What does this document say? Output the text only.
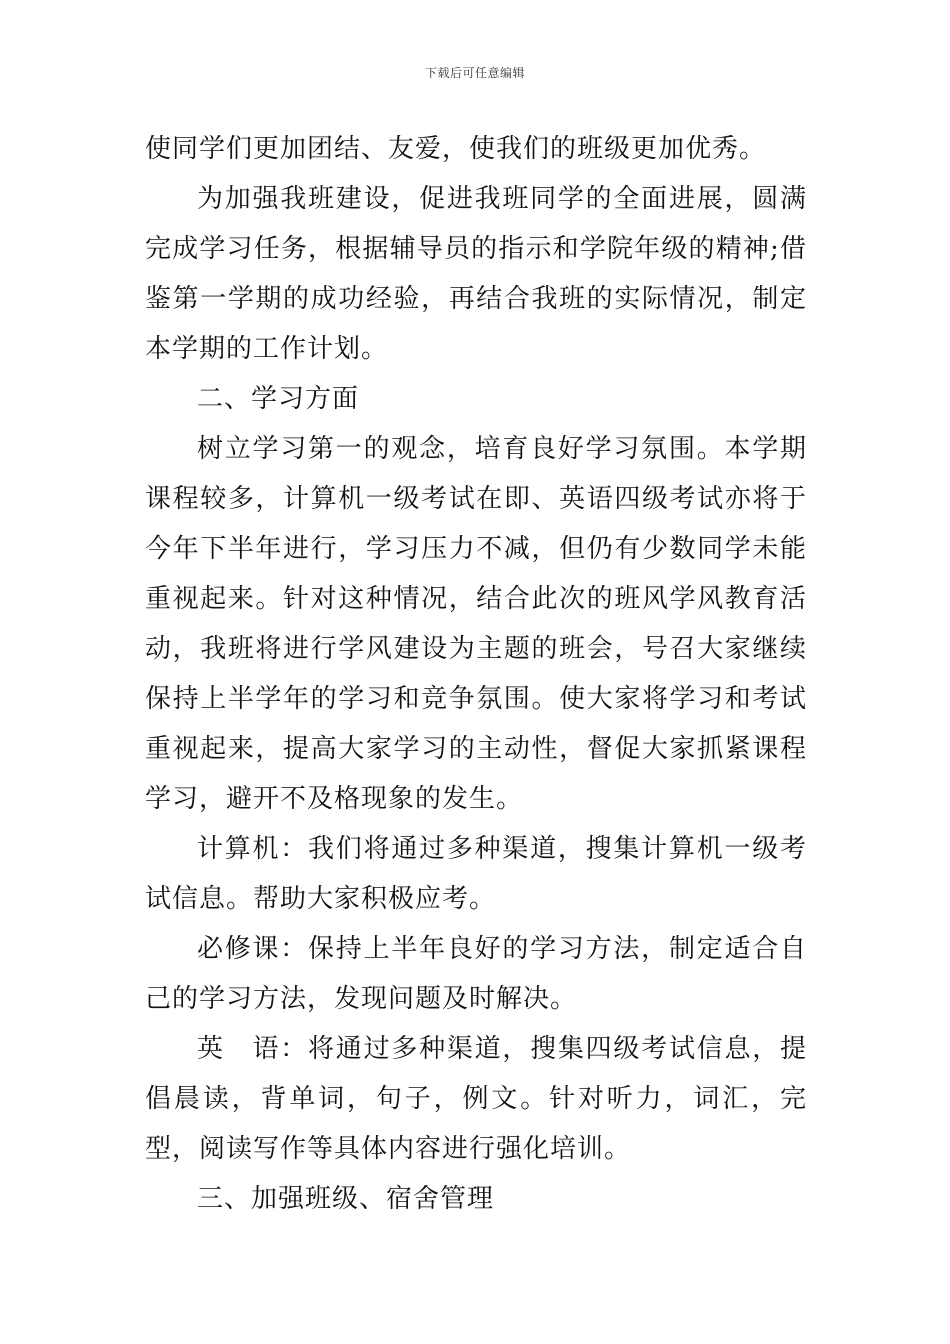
下载后可任意编辑

使同学们更加团结、友爱，使我们的班级更加优秀。

为加强我班建设，促进我班同学的全面进展，圆满完成学习任务，根据辅导员的指示和学院年级的精神;借鉴第一学期的成功经验，再结合我班的实际情况，制定本学期的工作计划。

二、学习方面

树立学习第一的观念，培育良好学习氛围。本学期课程较多，计算机一级考试在即、英语四级考试亦将于今年下半年进行，学习压力不减，但仍有少数同学未能重视起来。针对这种情况，结合此次的班风学风教育活动，我班将进行学风建设为主题的班会，号召大家继续保持上半学年的学习和竞争氛围。使大家将学习和考试重视起来，提高大家学习的主动性，督促大家抓紧课程学习，避开不及格现象的发生。

计算机：我们将通过多种渠道，搜集计算机一级考试信息。帮助大家积极应考。

必修课：保持上半年良好的学习方法，制定适合自己的学习方法，发现问题及时解决。

英　语：将通过多种渠道，搜集四级考试信息，提倡晨读，背单词，句子，例文。针对听力，词汇，完型，阅读写作等具体内容进行强化培训。

三、加强班级、宿舍管理
